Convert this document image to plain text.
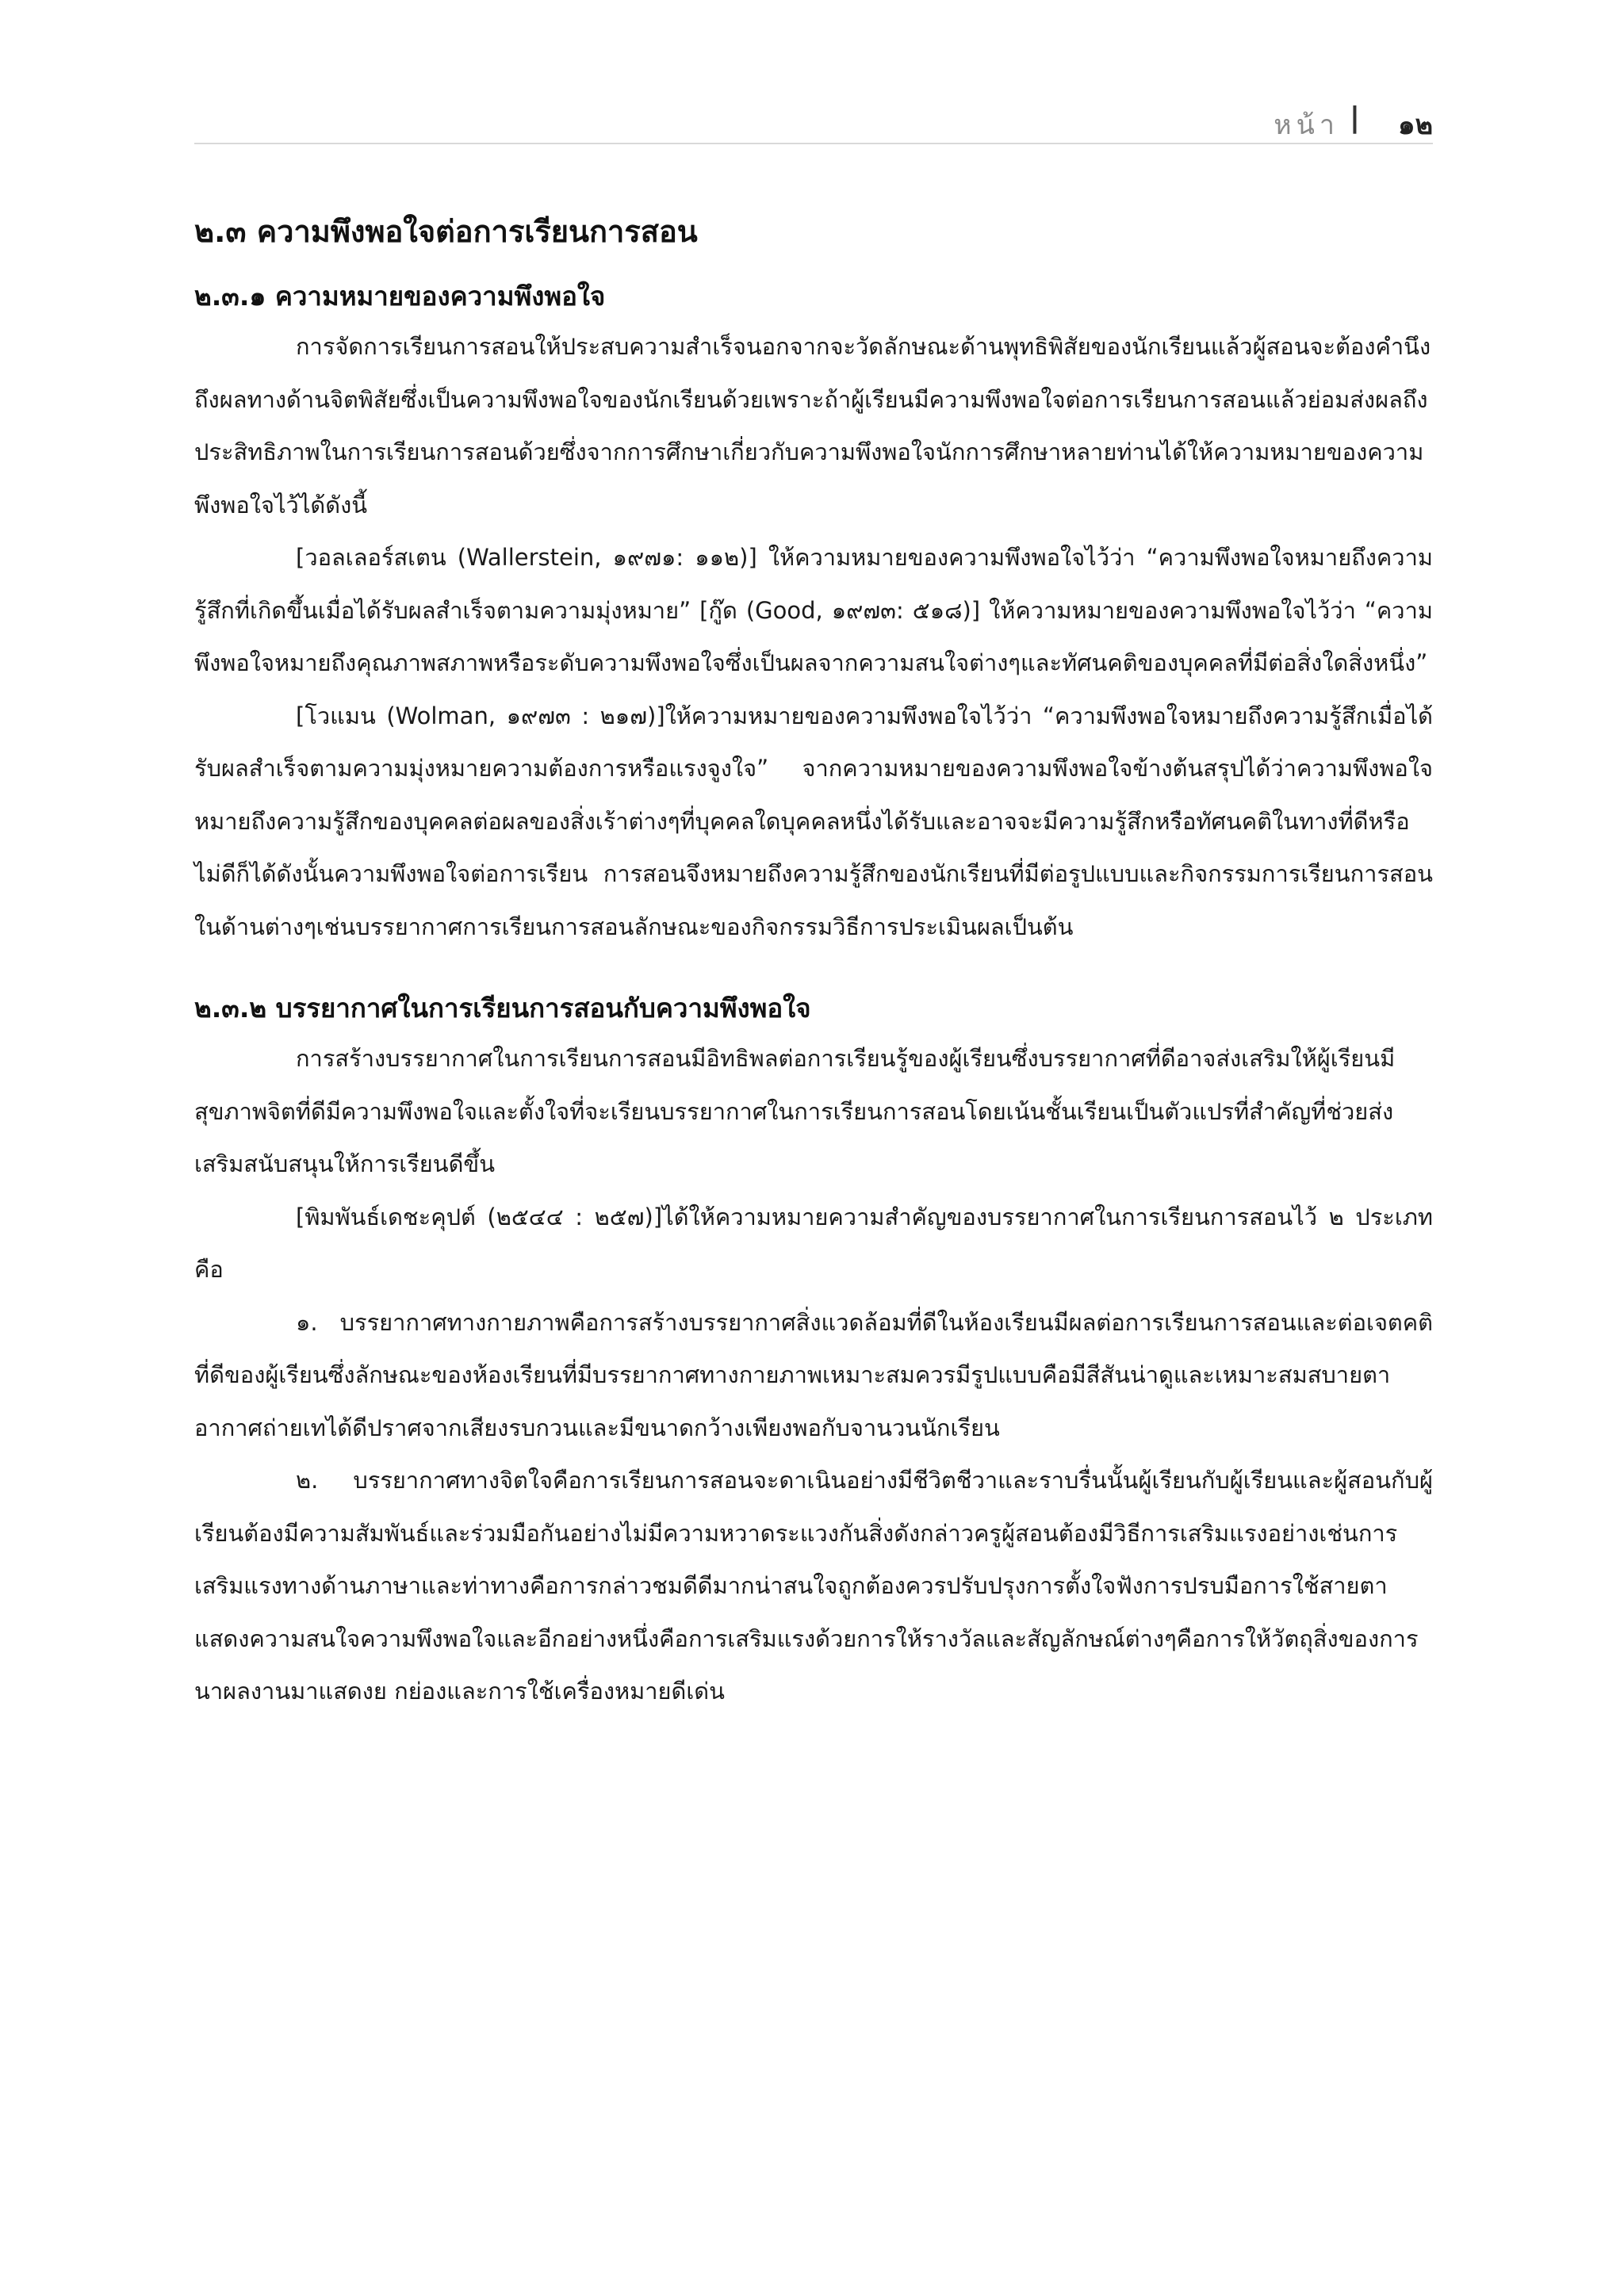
หน้า | ๑๒
๒.๓ ความพึงพอใจต่อการเรียนการสอน
๒.๓.๑ ความหมายของความพึงพอใจ

การจัดการเรียนการสอนให้ประสบความสำเร็จนอกจากจะวัดลักษณะด้านพุทธิพิสัยของนักเรียนแล้วผู้สอนจะต้องคำนึงถึงผลทางด้านจิตพิสัยซึ่งเป็นความพึงพอใจของนักเรียนด้วยเพราะถ้าผู้เรียนมีความพึงพอใจต่อการเรียนการสอนแล้วย่อมส่งผลถึงประสิทธิภาพในการเรียนการสอนด้วยซึ่งจากการศึกษาเกี่ยวกับความพึงพอใจนักการศึกษาหลายท่านได้ให้ความหมายของความพึงพอใจไว้ได้ดังนี้

[วอลเลอร์สเตน (Wallerstein, ๑๙๗๑: ๑๑๒)] ให้ความหมายของความพึงพอใจไว้ว่า “ความพึงพอใจหมายถึงความรู้สึกที่เกิดขึ้นเมื่อได้รับผลสำเร็จตามความมุ่งหมาย” [กู๊ด (Good, ๑๙๗๓: ๕๑๘)] ให้ความหมายของความพึงพอใจไว้ว่า “ความพึงพอใจหมายถึงคุณภาพสภาพหรือระดับความพึงพอใจซึ่งเป็นผลจากความสนใจต่างๆและทัศนคติของบุคคลที่มีต่อสิ่งใดสิ่งหนึ่ง”

[โวแมน (Wolman, ๑๙๗๓ : ๒๑๗)]ให้ความหมายของความพึงพอใจไว้ว่า “ความพึงพอใจหมายถึงความรู้สึกเมื่อได้รับผลสำเร็จตามความมุ่งหมายความต้องการหรือแรงจูงใจ” จากความหมายของความพึงพอใจข้างต้นสรุปได้ว่าความพึงพอใจหมายถึงความรู้สึกของบุคคลต่อผลของสิ่งเร้าต่างๆที่บุคคลใดบุคคลหนึ่งได้รับและอาจจะมีความรู้สึกหรือทัศนคติในทางที่ดีหรือไม่ดีก็ได้ดังนั้นความพึงพอใจต่อการเรียน การสอนจึงหมายถึงความรู้สึกของนักเรียนที่มีต่อรูปแบบและกิจกรรมการเรียนการสอนในด้านต่างๆเช่นบรรยากาศการเรียนการสอนลักษณะของกิจกรรมวิธีการประเมินผลเป็นต้น

๒.๓.๒ บรรยากาศในการเรียนการสอนกับความพึงพอใจ

การสร้างบรรยากาศในการเรียนการสอนมีอิทธิพลต่อการเรียนรู้ของผู้เรียนซึ่งบรรยากาศที่ดีอาจส่งเสริมให้ผู้เรียนมีสุขภาพจิตที่ดีมีความพึงพอใจและตั้งใจที่จะเรียนบรรยากาศในการเรียนการสอนโดยเน้นชั้นเรียนเป็นตัวแปรที่สำคัญที่ช่วยส่งเสริมสนับสนุนให้การเรียนดีขึ้น

[พิมพันธ์เดชะคุปต์ (๒๕๔๔ : ๒๕๗)]ได้ให้ความหมายความสำคัญของบรรยากาศในการเรียนการสอนไว้ ๒ ประเภทคือ

๑. บรรยากาศทางกายภาพคือการสร้างบรรยากาศสิ่งแวดล้อมที่ดีในห้องเรียนมีผลต่อการเรียนการสอนและต่อเจตคติที่ดีของผู้เรียนซึ่งลักษณะของห้องเรียนที่มีบรรยากาศทางกายภาพเหมาะสมควรมีรูปแบบคือมีสีสันน่าดูและเหมาะสมสบายตาอากาศถ่ายเทได้ดีปราศจากเสียงรบกวนและมีขนาดกว้างเพียงพอกับจานวนนักเรียน

๒. บรรยากาศทางจิตใจคือการเรียนการสอนจะดาเนินอย่างมีชีวิตชีวาและราบรื่นนั้นผู้เรียนกับผู้เรียนและผู้สอนกับผู้เรียนต้องมีความสัมพันธ์และร่วมมือกันอย่างไม่มีความหวาดระแวงกันสิ่งดังกล่าวครูผู้สอนต้องมีวิธีการเสริมแรงอย่างเช่นการเสริมแรงทางด้านภาษาและท่าทางคือการกล่าวชมดีดีมากน่าสนใจถูกต้องควรปรับปรุงการตั้งใจฟังการปรบมือการใช้สายตาแสดงความสนใจความพึงพอใจและอีกอย่างหนึ่งคือการเสริมแรงด้วยการให้รางวัลและสัญลักษณ์ต่างๆคือการให้วัตถุสิ่งของการนาผลงานมาแสดงย กย่องและการใช้เครื่องหมายดีเด่น
